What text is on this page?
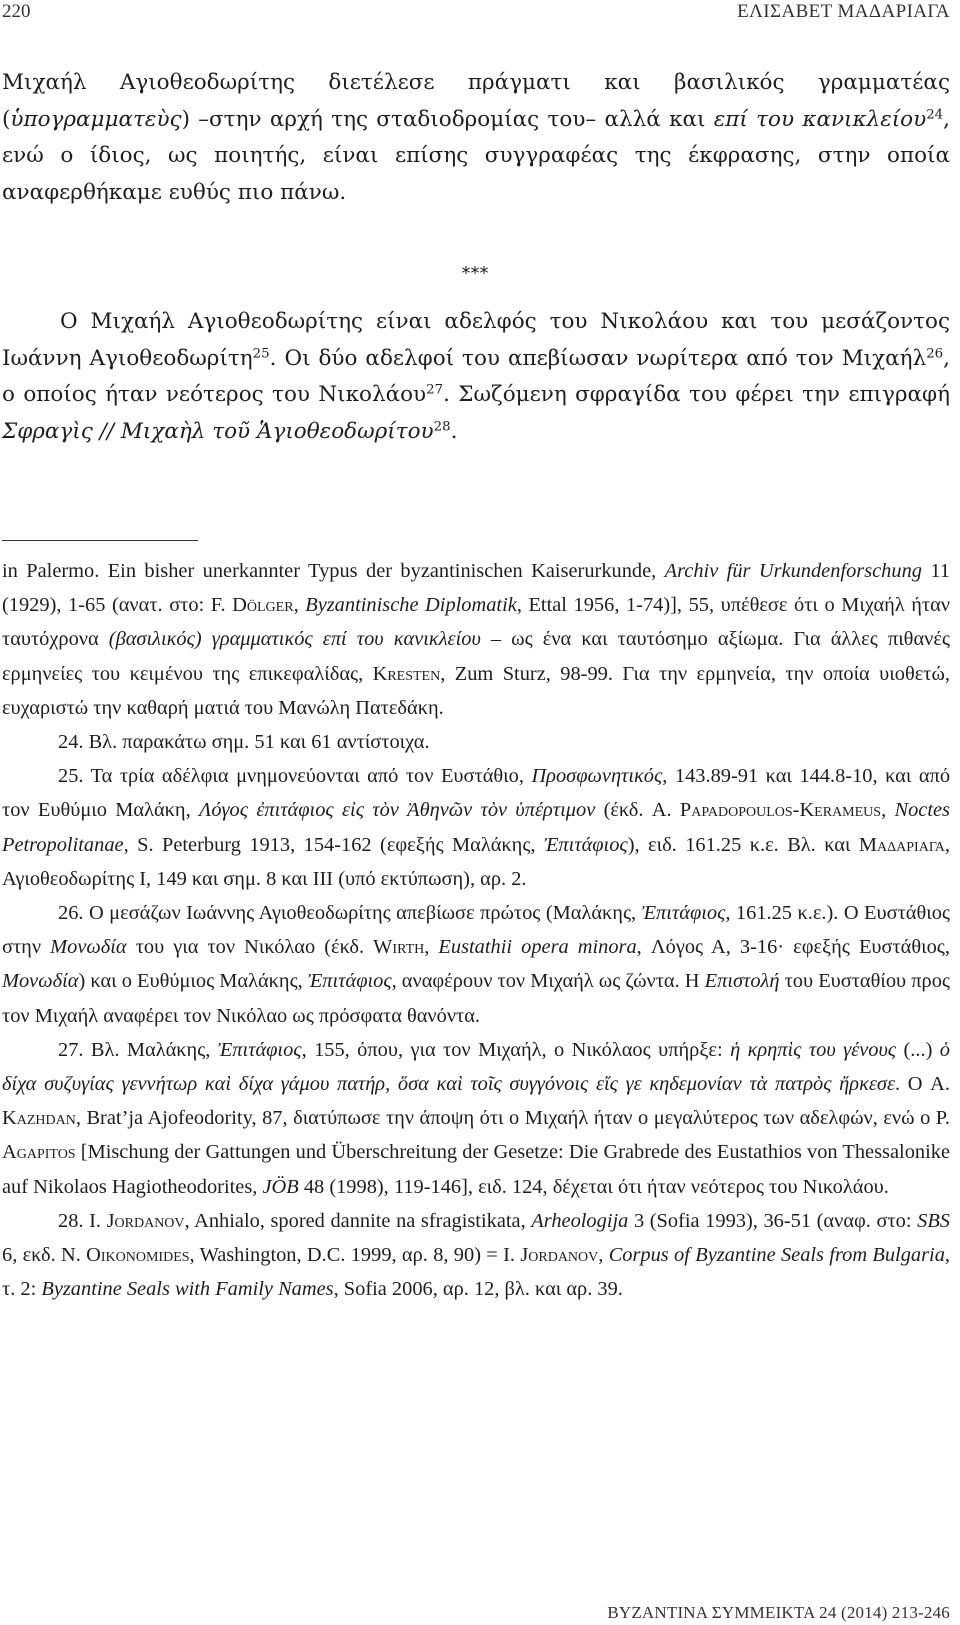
220	ΕΛΙΣΑΒΕΤ ΜΑΔΑΡΙΑΓΑ

Μιχαήλ Αγιοθεοδωρίτης διετέλεσε πράγματι και βασιλικός γραμματέας (ὑπογραμματεὺς) –στην αρχή της σταδιοδρομίας του– αλλά και επί του κανικλείου$^{24}$, ενώ ο ίδιος, ως ποιητής, είναι επίσης συγγραφέας της έκφρασης, στην οποία αναφερθήκαμε ευθύς πιο πάνω.

***

Ο Μιχαήλ Αγιοθεοδωρίτης είναι αδελφός του Νικολάου και του μεσάζοντος Ιωάννη Αγιοθεοδωρίτη$^{25}$. Οι δύο αδελφοί του απεβίωσαν νωρίτερα από τον Μιχαήλ$^{26}$, ο οποίος ήταν νεότερος του Νικολάου$^{27}$. Σωζόμενη σφραγίδα του φέρει την επιγραφή Σφραγὶς // Μιχαὴλ τοῦ Ἁγιοθεοδωρίτου$^{28}$.

in Palermo. Ein bisher unerkannter Typus der byzantinischen Kaiserurkunde, Archiv für Urkundenforschung 11 (1929), 1-65 (ανατ. στο: F. Dölger, Byzantinische Diplomatik, Ettal 1956, 1-74)], 55, υπέθεσε ότι ο Μιχαήλ ήταν ταυτόχρονα (βασιλικός) γραμματικός επί του κανικλείου – ως ένα και ταυτόσημο αξίωμα. Για άλλες πιθανές ερμηνείες του κειμένου της επικεφαλίδας, Kresten, Zum Sturz, 98-99. Για την ερμηνεία, την οποία υιοθετώ, ευχαριστώ την καθαρή ματιά του Μανώλη Πατεδάκη.

24. Βλ. παρακάτω σημ. 51 και 61 αντίστοιχα.

25. Τα τρία αδέλφια μνημονεύονται από τον Ευστάθιο, Προσφωνητικός, 143.89-91 και 144.8-10, και από τον Ευθύμιο Μαλάκη, Λόγος ἐπιτάφιος εἰς τὸν Ἀθηνῶν τὸν ὑπέρτιμον (έκδ. A. Papadopoulos-Kerameus, Noctes Petropolitanae, S. Peterburg 1913, 154-162 (εφεξής Μαλάκης, Ἐπιτάφιος), ειδ. 161.25 κ.ε. Βλ. και Μαδαριαγα, Αγιοθεοδωρίτης I, 149 και σημ. 8 και III (υπό εκτύπωση), αρ. 2.

26. Ο μεσάζων Ιωάννης Αγιοθεοδωρίτης απεβίωσε πρώτος (Μαλάκης, Ἐπιτάφιος, 161.25 κ.ε.). Ο Ευστάθιος στην Μονωδία του για τον Νικόλαο (έκδ. Wirth, Eustathii opera minora, Λόγος Α, 3-16· εφεξής Ευστάθιος, Μονωδία) και ο Ευθύμιος Μαλάκης, Ἐπιτάφιος, αναφέρουν τον Μιχαήλ ως ζώντα. Η Επιστολή του Ευσταθίου προς τον Μιχαήλ αναφέρει τον Νικόλαο ως πρόσφατα θανόντα.

27. Βλ. Μαλάκης, Ἐπιτάφιος, 155, όπου, για τον Μιχαήλ, ο Νικόλαος υπήρξε: ἡ κρηπὶς του γένους (...) ὁ δίχα συζυγίας γεννήτωρ καὶ δίχα γάμου πατήρ, ὅσα καὶ τοῖς συγγόνοις εἴς γε κηδεμονίαν τὰ πατρὸς ἤρκεσε. Ο A. Kazhdan, Brat’ja Ajofeodority, 87, διατύπωσε την άποψη ότι ο Μιχαήλ ήταν ο μεγαλύτερος των αδελφών, ενώ ο P. Agapitos [Mischung der Gattungen und Überschreitung der Gesetze: Die Grabrede des Eustathios von Thessalonike auf Nikolaos Hagiotheodorites, JÖB 48 (1998), 119-146], ειδ. 124, δέχεται ότι ήταν νεότερος του Νικολάου.

28. I. Jordanov, Anhialo, spored dannite na sfragistikata, Arheologija 3 (Sofia 1993), 36-51 (αναφ. στο: SBS 6, εκδ. N. Oikonomides, Washington, D.C. 1999, αρ. 8, 90) = I. Jordanov, Corpus of Byzantine Seals from Bulgaria, τ. 2: Byzantine Seals with Family Names, Sofia 2006, αρ. 12, βλ. και αρ. 39.

BYZANTINA ΣYMMEIKTA 24 (2014) 213-246
